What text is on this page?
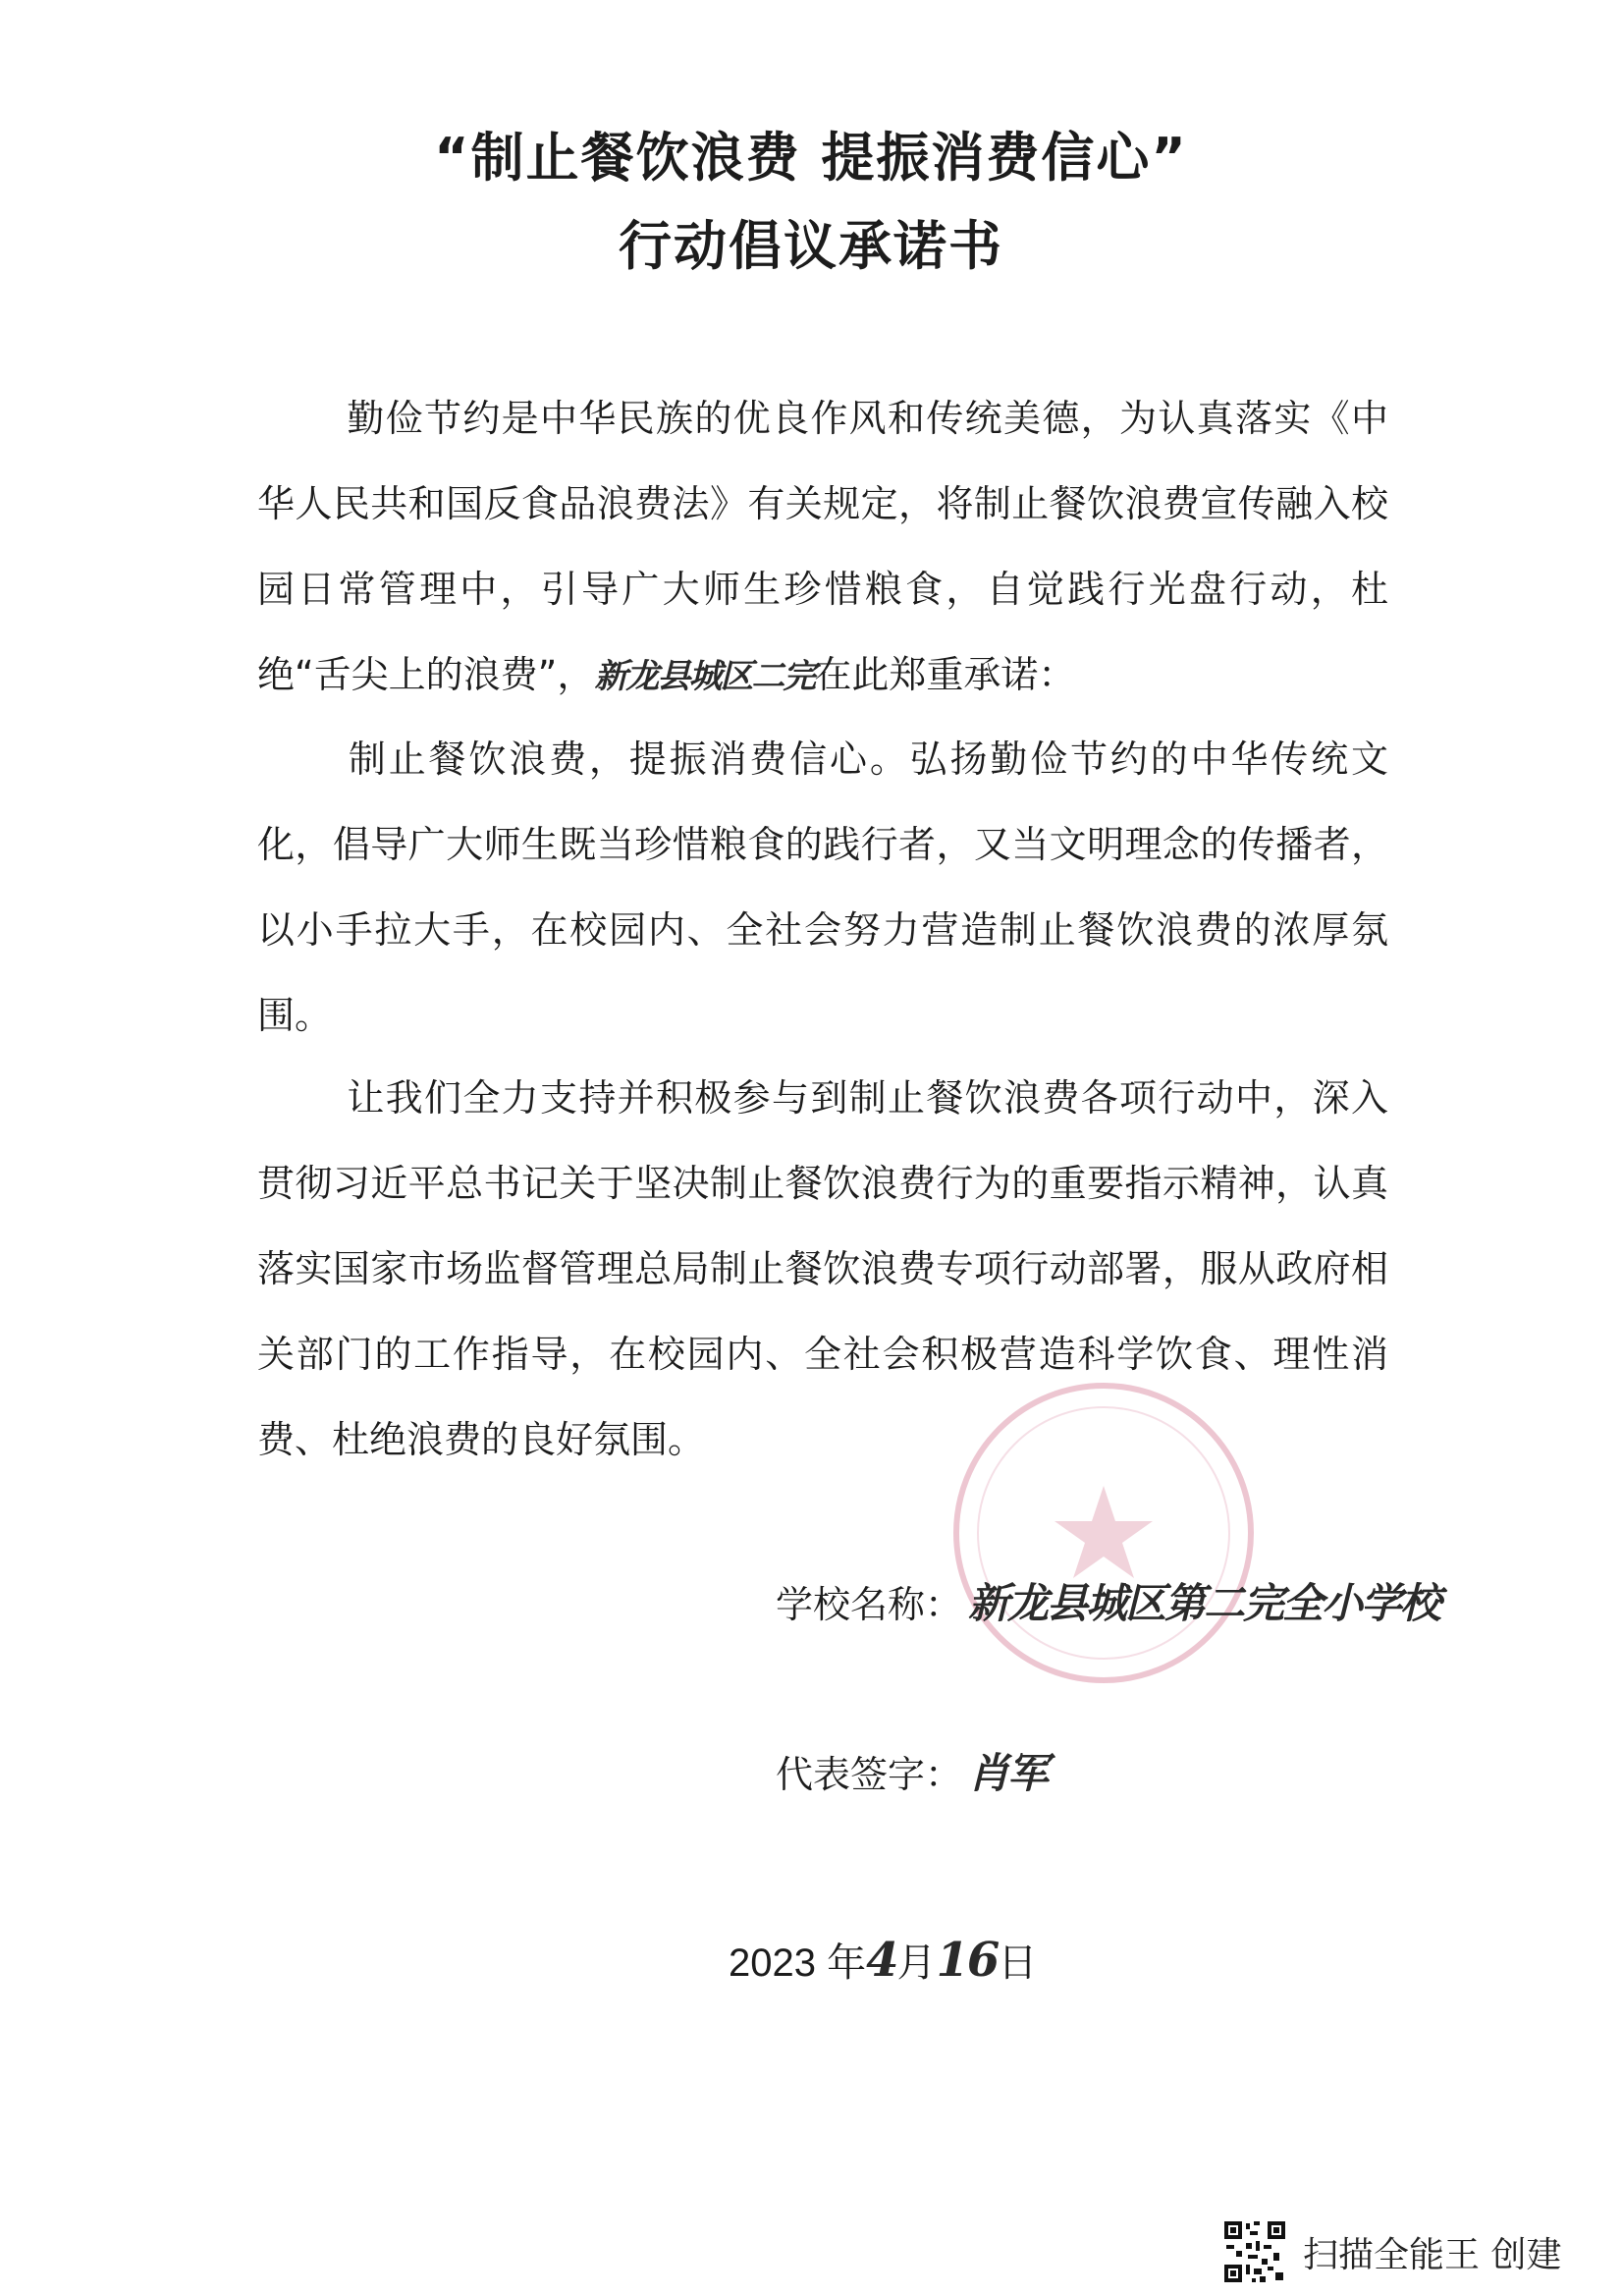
“制止餐饮浪费 提振消费信心”
行动倡议承诺书
勤俭节约是中华民族的优良作风和传统美德，为认真落实《中华人民共和国反食品浪费法》有关规定，将制止餐饮浪费宣传融入校园日常管理中，引导广大师生珍惜粮食，自觉践行光盘行动，杜绝“舌尖上的浪费”，新龙县城区二完在此郑重承诺：
制止餐饮浪费，提振消费信心。弘扬勤俭节约的中华传统文化，倡导广大师生既当珍惜粮食的践行者，又当文明理念的传播者，以小手拉大手，在校园内、全社会努力营造制止餐饮浪费的浓厚氛围。
让我们全力支持并积极参与到制止餐饮浪费各项行动中，深入贯彻习近平总书记关于坚决制止餐饮浪费行为的重要指示精神，认真落实国家市场监督管理总局制止餐饮浪费专项行动部署，服从政府相关部门的工作指导，在校园内、全社会积极营造科学饮食、理性消费、杜绝浪费的良好氛围。
学校名称： 新龙县城区第二完全小学校
代表签字： 肖军
2023 年4月16日
扫描全能王 创建
